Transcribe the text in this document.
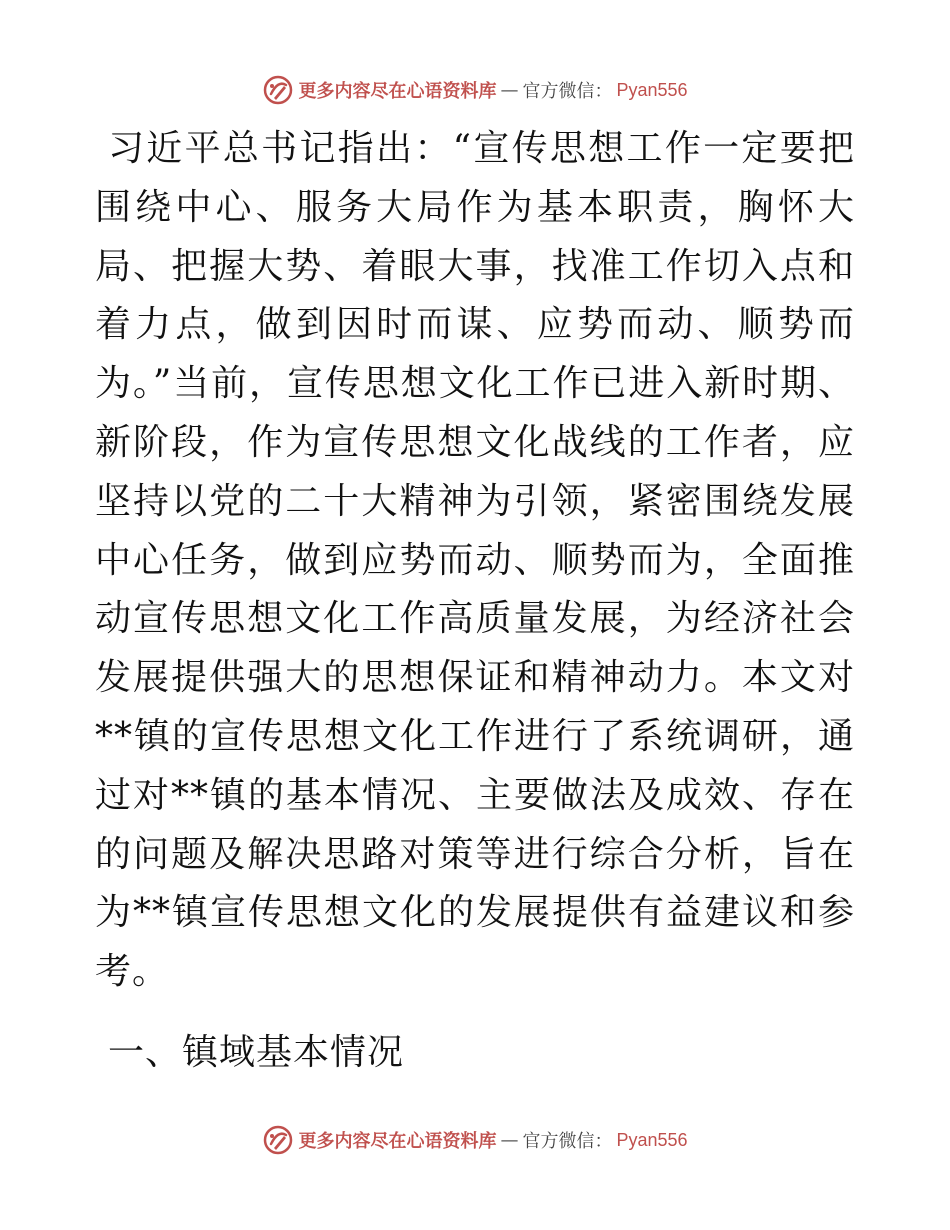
更多内容尽在心语资料库 — 官方微信： Pyan556

习近平总书记指出：“宣传思想工作一定要把围绕中心、服务大局作为基本职责，胸怀大局、把握大势、着眼大事，找准工作切入点和着力点，做到因时而谋、应势而动、顺势而为。”当前，宣传思想文化工作已进入新时期、新阶段，作为宣传思想文化战线的工作者，应坚持以党的二十大精神为引领，紧密围绕发展中心任务，做到应势而动、顺势而为，全面推动宣传思想文化工作高质量发展，为经济社会发展提供强大的思想保证和精神动力。本文对**镇的宣传思想文化工作进行了系统调研，通过对**镇的基本情况、主要做法及成效、存在的问题及解决思路对策等进行综合分析，旨在为**镇宣传思想文化的发展提供有益建议和参考。

一、镇域基本情况
更多内容尽在心语资料库 — 官方微信： Pyan556
